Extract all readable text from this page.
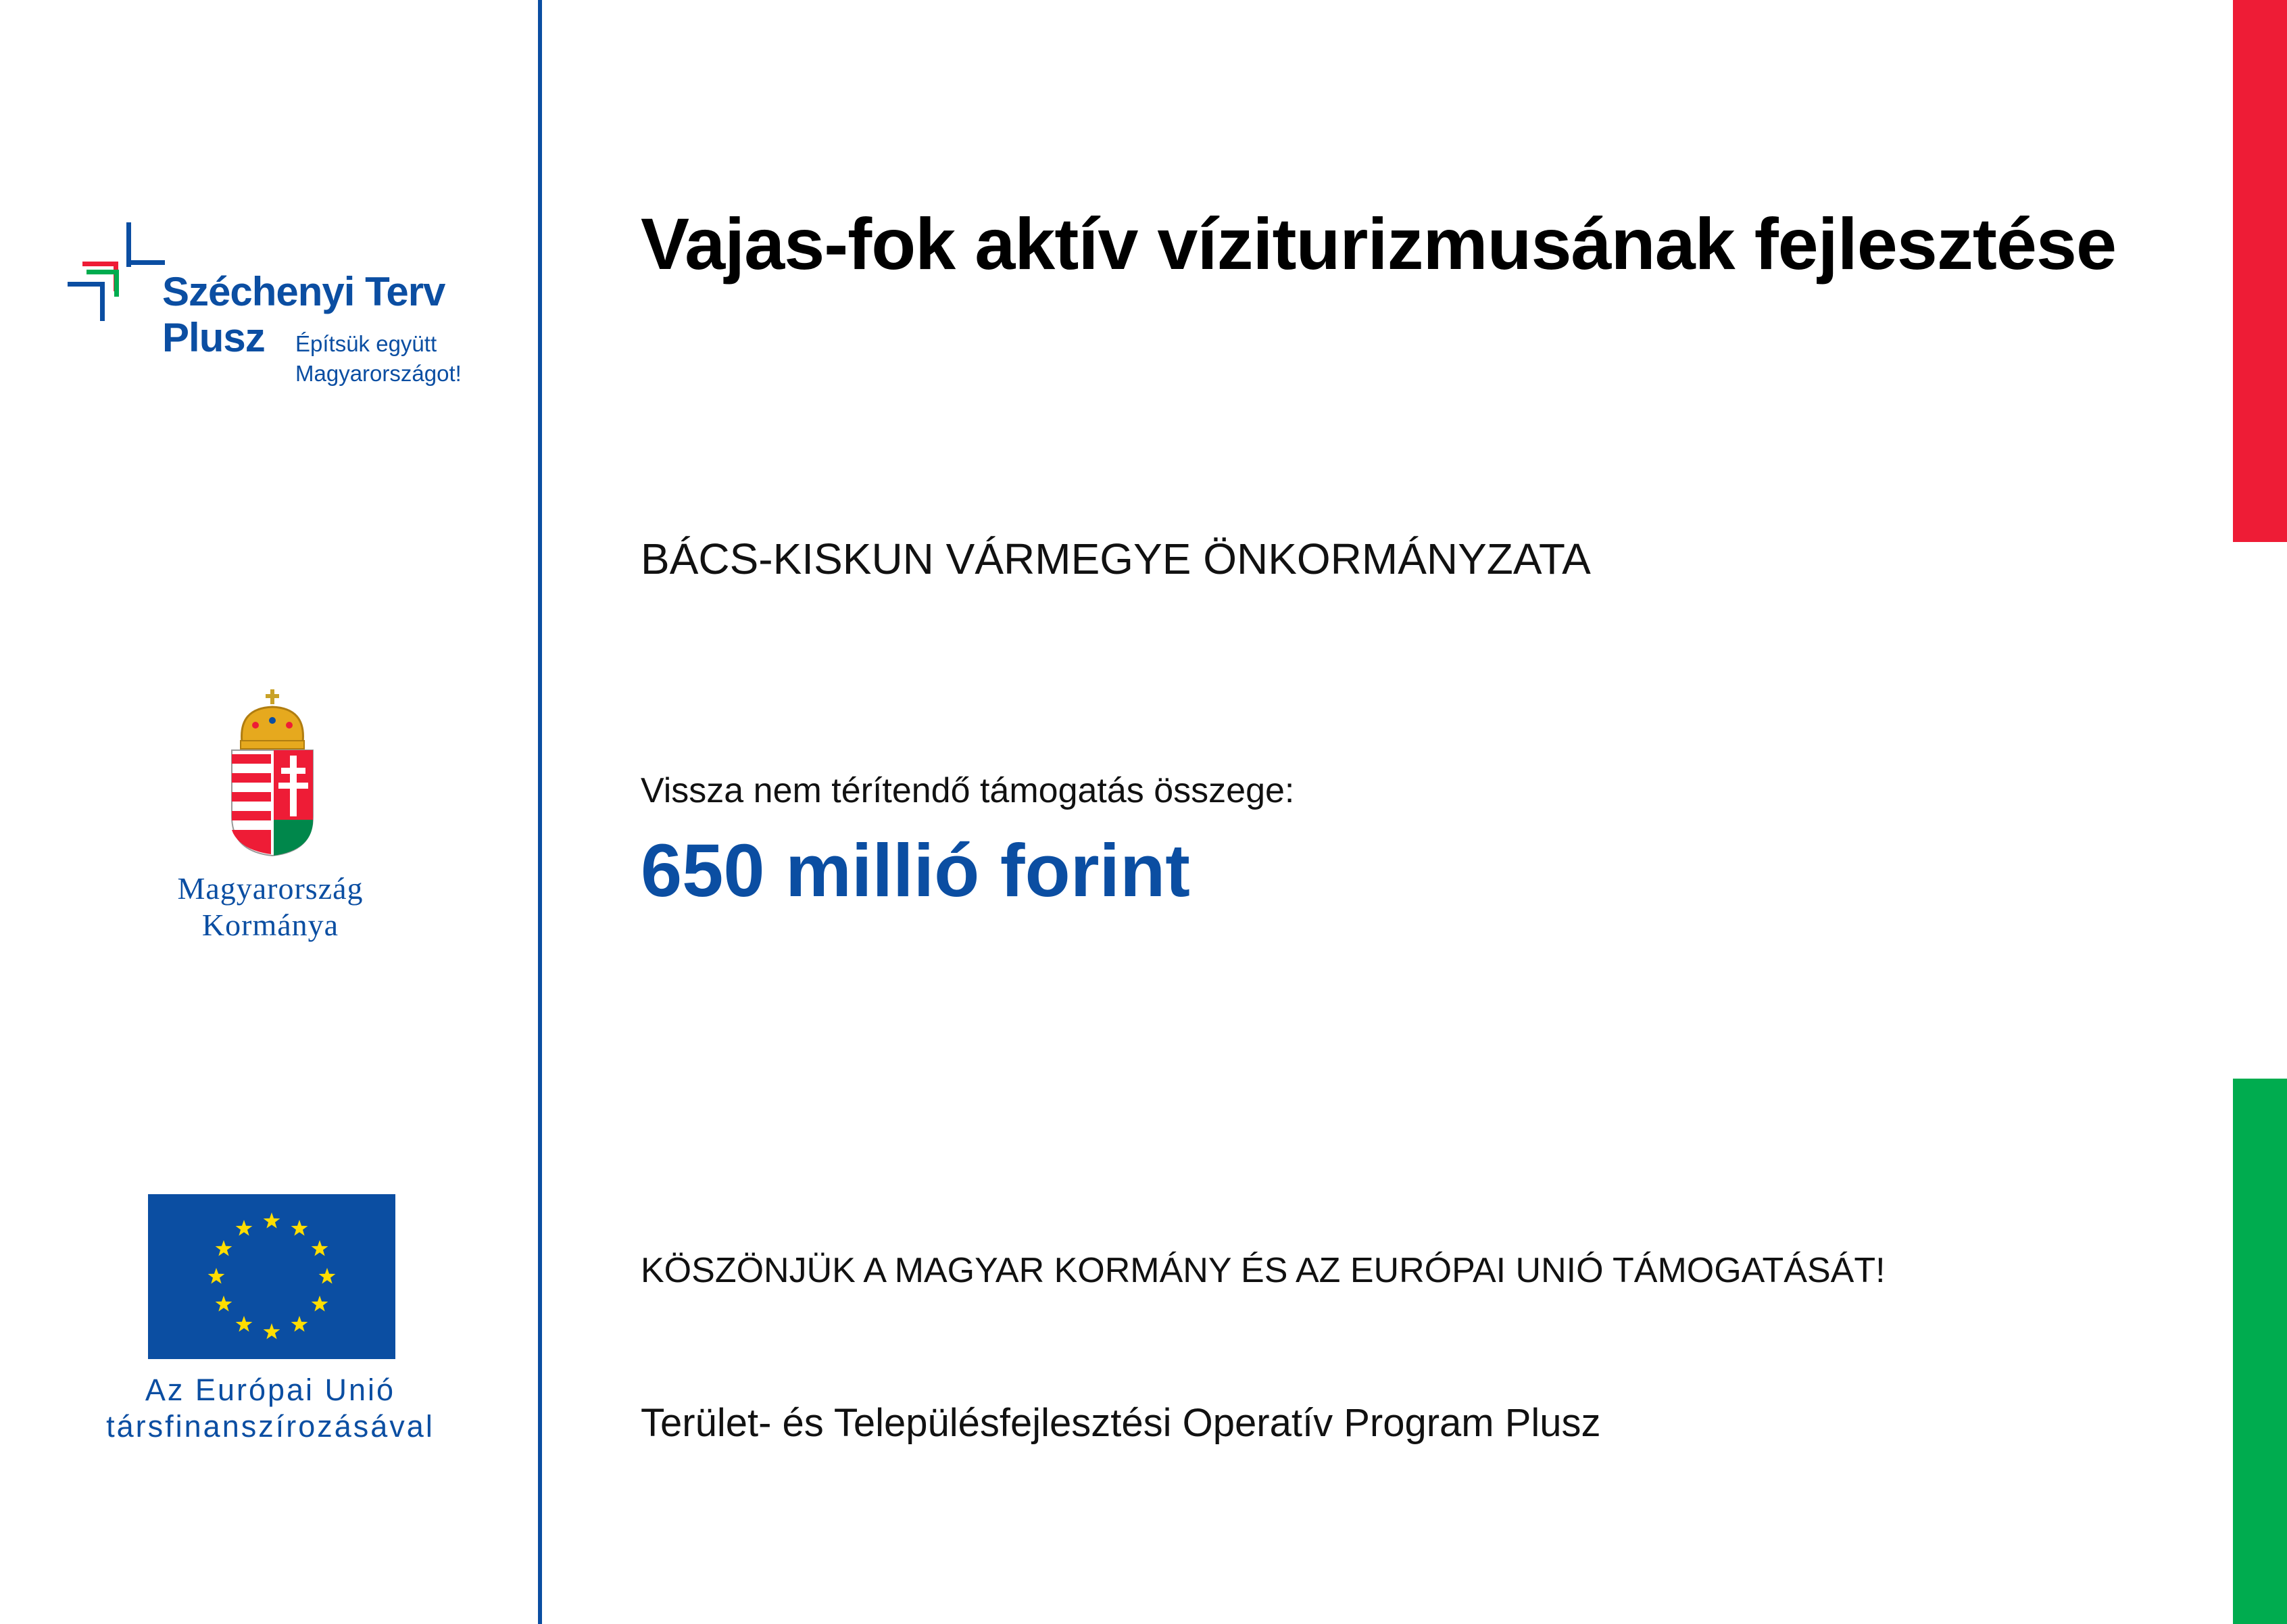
Széchenyi Terv
Plusz Építsük együtt
Magyarországot!
Magyarország
Kormánya
Az Európai Unió
társfinanszírozásával
Vajas-fok aktív víziturizmusának fejlesztése
BÁCS-KISKUN VÁRMEGYE ÖNKORMÁNYZATA
Vissza nem térítendő támogatás összege:
650 millió forint
KÖSZÖNJÜK A MAGYAR KORMÁNY ÉS AZ EURÓPAI UNIÓ TÁMOGATÁSÁT!
Terület- és Településfejlesztési Operatív Program Plusz
